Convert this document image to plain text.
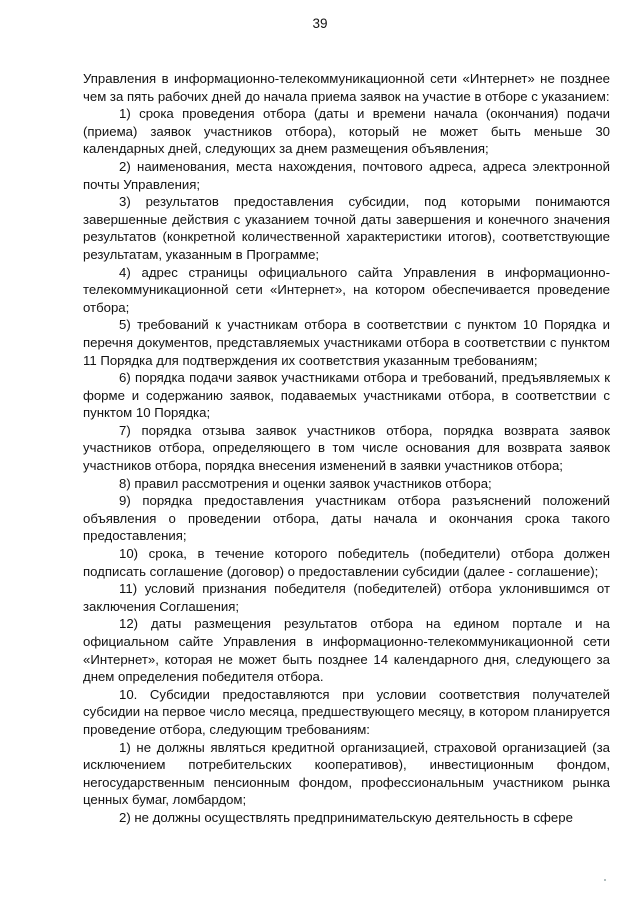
39

Управления в информационно-телекоммуникационной сети «Интернет» не позднее чем за пять рабочих дней до начала приема заявок на участие в отборе с указанием:

1) срока проведения отбора (даты и времени начала (окончания) подачи (приема) заявок участников отбора), который не может быть меньше 30 календарных дней, следующих за днем размещения объявления;

2) наименования, места нахождения, почтового адреса, адреса электронной почты Управления;

3) результатов предоставления субсидии, под которыми понимаются завершенные действия с указанием точной даты завершения и конечного значения результатов (конкретной количественной характеристики итогов), соответствующие результатам, указанным в Программе;

4) адрес страницы официального сайта Управления в информационно-телекоммуникационной сети «Интернет», на котором обеспечивается проведение отбора;

5) требований к участникам отбора в соответствии с пунктом 10 Порядка и перечня документов, представляемых участниками отбора в соответствии с пунктом 11 Порядка для подтверждения их соответствия указанным требованиям;

6) порядка подачи заявок участниками отбора и требований, предъявляемых к форме и содержанию заявок, подаваемых участниками отбора, в соответствии с пунктом 10 Порядка;

7) порядка отзыва заявок участников отбора, порядка возврата заявок участников отбора, определяющего в том числе основания для возврата заявок участников отбора, порядка внесения изменений в заявки участников отбора;

8) правил рассмотрения и оценки заявок участников отбора;

9) порядка предоставления участникам отбора разъяснений положений объявления о проведении отбора, даты начала и окончания срока такого предоставления;

10) срока, в течение которого победитель (победители) отбора должен подписать соглашение (договор) о предоставлении субсидии (далее - соглашение);

11) условий признания победителя (победителей) отбора уклонившимся от заключения Соглашения;

12) даты размещения результатов отбора на едином портале и на официальном сайте Управления в информационно-телекоммуникационной сети «Интернет», которая не может быть позднее 14 календарного дня, следующего за днем определения победителя отбора.

10. Субсидии предоставляются при условии соответствия получателей субсидии на первое число месяца, предшествующего месяцу, в котором планируется проведение отбора, следующим требованиям:

1) не должны являться кредитной организацией, страховой организацией (за исключением потребительских кооперативов), инвестиционным фондом, негосударственным пенсионным фондом, профессиональным участником рынка ценных бумаг, ломбардом;

2) не должны осуществлять предпринимательскую деятельность в сфере
